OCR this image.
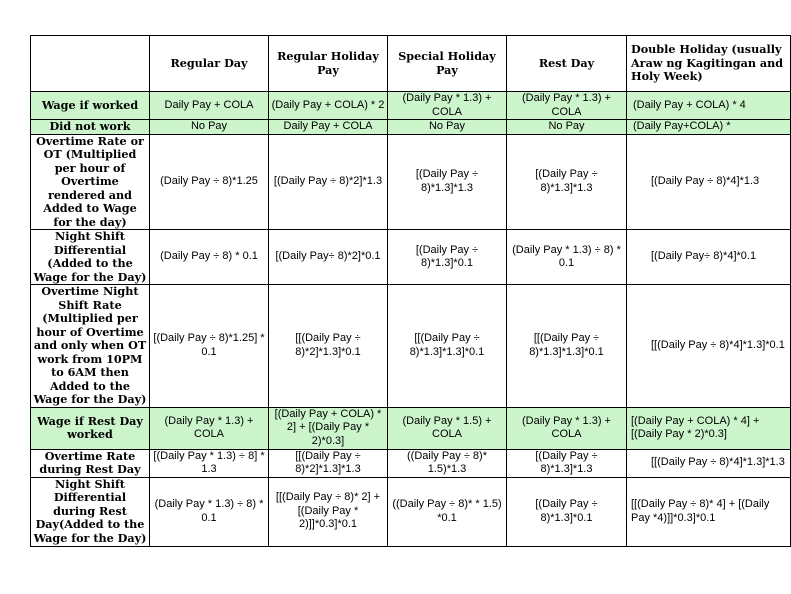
	Regular Day	Regular Holiday Pay	Special Holiday Pay	Rest Day	Double Holiday (usually Araw ng Kagitingan and Holy Week)
Wage if worked	Daily Pay + COLA	(Daily Pay + COLA) * 2	(Daily Pay * 1.3) + COLA	(Daily Pay * 1.3) + COLA	(Daily Pay + COLA) * 4
Did not work	No Pay	Daily Pay + COLA	No Pay	No Pay	(Daily Pay+COLA) *
Overtime Rate or OT (Multiplied per hour of Overtime rendered and Added to Wage for the day)	(Daily Pay ÷ 8)*1.25	[(Daily Pay ÷ 8)*2]*1.3	[(Daily Pay ÷ 8)*1.3]*1.3	[(Daily Pay ÷ 8)*1.3]*1.3	[(Daily Pay ÷ 8)*4]*1.3
Night Shift Differential (Added to the Wage for the Day)	(Daily Pay ÷ 8) * 0.1	[(Daily Pay÷ 8)*2]*0.1	[(Daily Pay ÷ 8)*1.3]*0.1	(Daily Pay * 1.3) ÷ 8) * 0.1	[(Daily Pay÷ 8)*4]*0.1
Overtime Night Shift Rate (Multiplied per hour of Overtime and only when OT work from 10PM to 6AM then Added to the Wage for the Day)	[(Daily Pay ÷ 8)*1.25] * 0.1	[[(Daily Pay ÷ 8)*2]*1.3]*0.1	[[(Daily Pay ÷ 8)*1.3]*1.3]*0.1	[[(Daily Pay ÷ 8)*1.3]*1.3]*0.1	[[(Daily Pay ÷ 8)*4]*1.3]*0.1
Wage if Rest Day worked	(Daily Pay * 1.3) + COLA	[(Daily Pay + COLA) * 2] + [(Daily Pay * 2)*0.3]	(Daily Pay * 1.5) + COLA	(Daily Pay * 1.3) + COLA	[(Daily Pay + COLA) * 4] + [(Daily Pay * 2)*0.3]
Overtime Rate during Rest Day	[(Daily Pay * 1.3) ÷ 8] * 1.3	[[(Daily Pay ÷ 8)*2]*1.3]*1.3	((Daily Pay ÷ 8)* 1.5)*1.3	[(Daily Pay ÷ 8)*1.3]*1.3	[[(Daily Pay ÷ 8)*4]*1.3]*1.3
Night Shift Differential during Rest Day(Added to the Wage for the Day)	(Daily Pay * 1.3) ÷ 8) * 0.1	[[(Daily Pay ÷ 8)* 2] + [(Daily Pay * 2)]]*0.3]*0.1	((Daily Pay ÷ 8)* * 1.5) *0.1	[(Daily Pay ÷ 8)*1.3]*0.1	[[(Daily Pay ÷ 8)* 4] + [(Daily Pay *4)]]*0.3]*0.1
